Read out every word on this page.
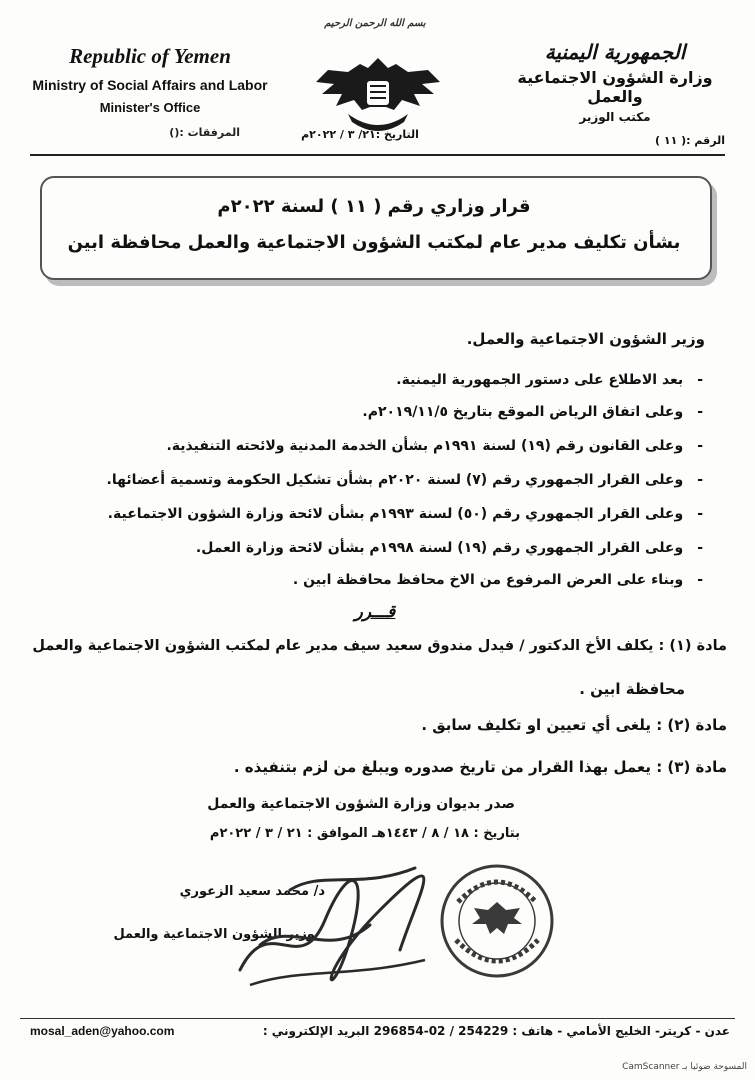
بسم الله الرحمن الرحيم
Republic of Yemen
Ministry of Social Affairs and Labor
Minister's Office
الجمهورية اليمنية
وزارة الشؤون الاجتماعية والعمل
مكتب الوزير
المرفقات :(
)	التاريخ :٢١/ ٣ / ٢٠٢٢م	الرقم :( ١١ )
قرار وزاري رقم ( ١١ ) لسنة ٢٠٢٢م
بشأن تكليف مدير عام لمكتب الشؤون الاجتماعية والعمل محافظة ابين
وزير الشؤون الاجتماعية والعمل.
- بعد الاطلاع على دستور الجمهورية اليمنية.
- وعلى اتفاق الرياض الموقع بتاريخ ٢٠١٩/١١/٥م.
- وعلى القانون رقم (١٩) لسنة ١٩٩١م بشأن الخدمة المدنية ولائحته التنفيذية.
- وعلى القرار الجمهوري رقم (٧) لسنة ٢٠٢٠م بشأن تشكيل الحكومة وتسمية أعضائها.
- وعلى القرار الجمهوري رقم (٥٠) لسنة ١٩٩٣م بشأن لائحة وزارة الشؤون الاجتماعية.
- وعلى القرار الجمهوري رقم (١٩) لسنة ١٩٩٨م بشأن لائحة وزارة العمل.
- وبناء على العرض المرفوع من الاخ محافظ محافظة ابين .
قـــرر
مادة (١) : يكلف الأخ الدكتور / فيدل مندوق سعيد سيف مدير عام لمكتب الشؤون الاجتماعية والعمل
محافظة ابين .
مادة (٢) : يلغى أي تعيين او تكليف سابق .
مادة (٣) : يعمل بهذا القرار من تاريخ صدوره ويبلغ من لزم بتنفيذه .
صدر بديوان وزارة الشؤون الاجتماعية والعمل
بتاريخ : ١٨ / ٨ / ١٤٤٣هـ الموافق : ٢١ / ٣ / ٢٠٢٢م
د/ محمد سعيد الزعوري
وزير الشؤون الاجتماعية والعمل
عدن - كريتر- الخليج الأمامي - هاتف : 254229 / 02-296854 البريد الإلكتروني :
mosal_aden@yahoo.com
المسوحة ضوئيا بـ CamScanner
